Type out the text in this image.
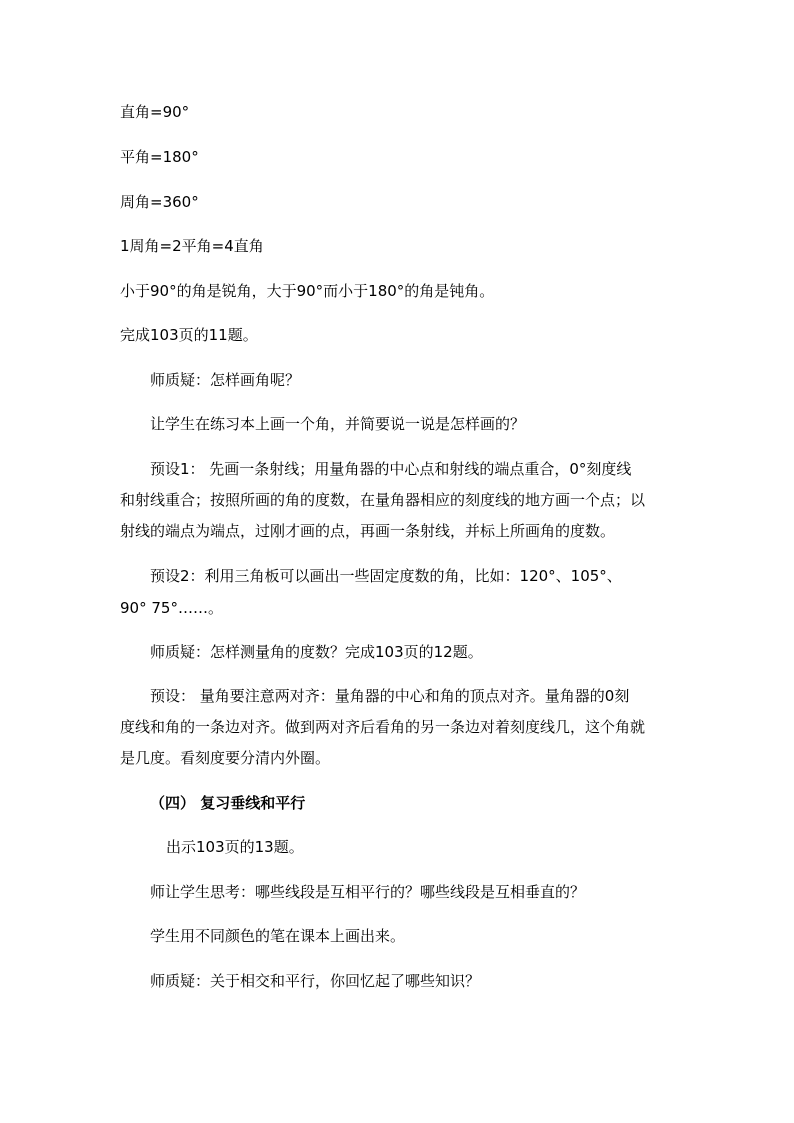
直角=90°
平角=180°
周角=360°
1周角=2平角=4直角
小于90°的角是锐角，大于90°而小于180°的角是钝角。
完成103页的11题。
师质疑：怎样画角呢？
让学生在练习本上画一个角，并简要说一说是怎样画的？
预设1： 先画一条射线；用量角器的中心点和射线的端点重合，0°刻度线
和射线重合；按照所画的角的度数，在量角器相应的刻度线的地方画一个点；以
射线的端点为端点，过刚才画的点，再画一条射线，并标上所画角的度数。
预设2：利用三角板可以画出一些固定度数的角，比如：120°、105°、
90° 75°……。
师质疑：怎样测量角的度数？完成103页的12题。
预设： 量角要注意两对齐：量角器的中心和角的顶点对齐。量角器的0刻
度线和角的一条边对齐。做到两对齐后看角的另一条边对着刻度线几，这个角就
是几度。看刻度要分清内外圈。
（四） 复习垂线和平行
出示103页的13题。
师让学生思考：哪些线段是互相平行的？哪些线段是互相垂直的？
学生用不同颜色的笔在课本上画出来。
师质疑：关于相交和平行，你回忆起了哪些知识？
